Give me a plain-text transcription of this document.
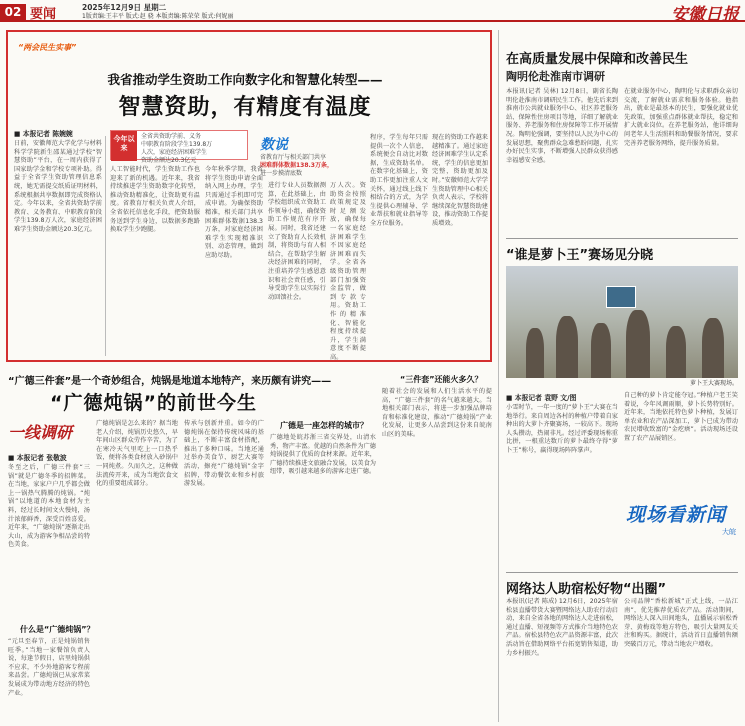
02 要闻	2025年12月9日 星期二
1版责编:王丰平 版式:赵 骁 本版责编:陈荣荣 版式:何妮丽	安徽日报
“两会民生实事”
我省推动学生资助工作向数字化和智慧化转型——
智慧资助，有精度有温度
■ 本报记者 陈婉婉
今年以来
全省共资助学前、义务
中职教育阶段学生139.8万
人次，家庭经济困难学生
资助金额达20.3亿元
数说
省教育厅与相关部门共享
困难群体数据138.3万条，
进一步摸清底数
日前，安徽师范大学化学与材料科学学院新生邵某通过学校“智慧资助”平台，在一周内获得了国家助学金和学校专项补助。得益于全省学生资助管理信息系统，她无需提交纸质证明材料，系统根据共享数据即完成资格认定。今年以来，全省共资助学前教育、义务教育、中职教育阶段学生139.8万人次，家庭经济困难学生资助金额达20.3亿元。
人工智能时代，学生资助工作也迎来了新的机遇。近年来，我省持续推进学生资助数字化转型，推动资助精准化，让资助更有温度。省教育厅相关负责人介绍，全省依托信息化手段，把资助服务送到学生身边，以数据多跑路换取学生少跑腿。
今年秋季学期，我省将学生资助申请全面纳入网上办理，学生只需通过手机即可完成申请。为确保资助精准，相关部门共享困难群体数据138.3万条，对家庭经济困难学生实现精准识别、动态管理，做到应助尽助。
进行专业人员数据测算，在此基础上，由学校组织成立资助工作领导小组，确保资助工作规范有序开展。同时，我省还建立了资助育人长效机制，将资助与育人相结合，在帮助学生解决经济困难的同时，注重培养学生感恩意识和社会责任感，引导受助学生以实际行动回馈社会。
万人次。资助资金按照政策规定及时足额发放，确保每一名家庭经济困难学生不因家庭经济困难而失学。全省各级资助管理部门加强资金监管，做到专款专用。资助工作的精准化、智能化程度持续提升，学生满意度不断提高。
程序，学生每年只需提供一次个人信息，系统便会自动比对数据，生成资助名单。在数字化基础上，资助工作更加注重人文关怀，通过线上线下相结合的方式，为学生提供心理辅导、学业帮扶和就业指导等全方位服务。
现在的资助工作越来越精准了。通过家庭经济困难学生认定系统，学生的信息更加完整，资助更加及时。”安徽师范大学学生资助管理中心相关负责人表示，学校将继续深化智慧资助建设，推动资助工作提质增效。
在高质量发展中保障和改善民生
陶明伦赴淮南市调研
本报讯(记者 吴林) 12月8日，副省长陶明伦赴淮南市调研民生工作。他先后来到淮南市公共就业服务中心、社区养老服务站、保障性住房项目等地，详细了解就业服务、养老服务和住房保障等工作开展情况。陶明伦强调，要坚持以人民为中心的发展思想，聚焦群众急难愁盼问题，扎实办好民生实事，不断增强人民群众获得感幸福感安全感。
在就业服务中心，陶明伦与求职群众亲切交流，了解就业需求和服务体验。他指出，就业是最基本的民生，要强化就业优先政策，加强重点群体就业帮扶，稳定和扩大就业岗位。在养老服务站，他详细询问老年人生活照料和助餐服务情况，要求完善养老服务网络，提升服务质量。
“谁是萝卜王”赛场见分晓
萝卜王大赛现场。
■ 本报记者 袁野 文/图
小雪时节，一年一度的“萝卜王”大赛在当地举行。来自周边各村的种植户带着自家种出的大萝卜齐聚赛场，一较高下。现场人头攒动，热闹非凡。经过评委现场称重比拼，一根重达数斤的萝卜最终夺得“萝卜王”称号，赢得现场阵阵掌声。
自己种的萝卜肯定能夺冠。”种植户老王笑着说，今年风调雨顺，萝卜长势特别好。近年来，当地依托特色萝卜种植，发展订单农业和农产品深加工，萝卜已成为带动农民增收致富的“金疙瘩”。活动现场还设置了农产品展销区。
现场看新闻
大皖
网络达人助宿松好物“出圈”
本报讯(记者 陈成) 12月6日，2025年宿松县直播带货大赛暨网络达人助农行动启动，来自全省各地的网络达人走进宿松，通过直播、短视频等方式推介当地特色农产品。宿松县特色农产品资源丰富，此次活动旨在借助网络平台拓宽销售渠道，助力乡村振兴。
公司品牌“香松新城”正式上线，一品江南”，优先推荐优质农产品。活动期间，网络达人深入田间地头，直播展示宿松香芽、黄梅戏等地方特色，吸引大量网友关注和购买。据统计，活动首日直播销售额突破百万元，带动当地农户增收。
“广德三件套”是一个奇妙组合，炖锅是地道本地特产，来历颇有讲究——
“广德炖锅”的前世今生
一线调研
■ 本报记者 张敬波
冬至之后，广德三件套“三锅”就是广德冬季的招牌菜。在当地，家家户户几乎都会做上一锅热气腾腾的炖锅。“炖锅”以地道的本地食材为主料，经过长时间文火慢炖，汤汁浓郁鲜香，深受百姓喜爱。近年来，“广德炖锅”逐渐走出大山，成为游客争相品尝的特色美食。
什么是“广德炖锅”？
“元旦至春节，正是炖锅销售旺季。”当地一家餐馆负责人说，每逢节假日，店里炖锅供不应求，不少外地游客专程前来品尝。广德炖锅已从家常菜发展成为带动地方经济的特色产业。
广德炖锅是怎么来的？据当地老人介绍，炖锅历史悠久，早年间山区群众劳作辛苦，为了在寒冷天气里吃上一口热乎饭，便将各类食材放入砂锅中一同炖煮。久而久之，这种做法流传开来，成为当地饮食文化的重要组成部分。
传承与创新并重。如今的广德炖锅在保持传统风味的基础上，不断丰富食材搭配，推出了多种口味。当地还通过举办美食节、厨艺大赛等活动，擦亮“广德炖锅”金字招牌，带动餐饮业和乡村旅游发展。
广德是一座怎样的城市？
广德地处皖苏浙三省交界处，山清水秀，物产丰富。优越的自然条件为广德炖锅提供了优质的食材来源。近年来，广德持续推进文旅融合发展，以美食为纽带，吸引越来越多的游客走进广德。
“三件套”还能火多久？
随着社会的发展和人们生活水平的提高，“广德三件套”的名气越来越大。当地相关部门表示，将进一步加强品牌培育和标准化建设，推动“广德炖锅”产业化发展，让更多人品尝到这份来自皖南山区的美味。
